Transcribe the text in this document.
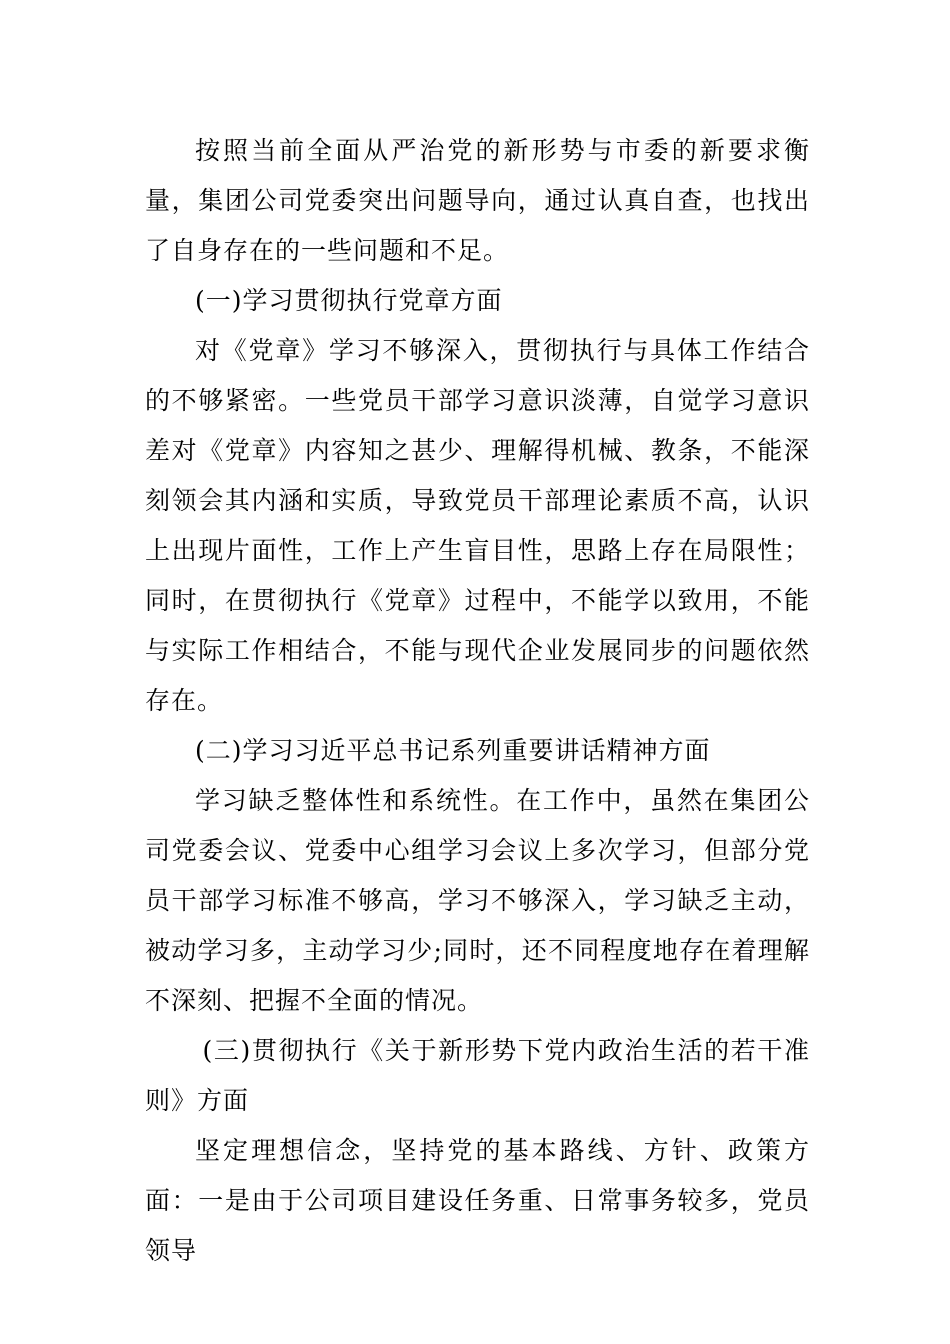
按照当前全面从严治党的新形势与市委的新要求衡量，集团公司党委突出问题导向，通过认真自查，也找出了自身存在的一些问题和不足。

(一)学习贯彻执行党章方面

对《党章》学习不够深入，贯彻执行与具体工作结合的不够紧密。一些党员干部学习意识淡薄，自觉学习意识差对《党章》内容知之甚少、理解得机械、教条，不能深刻领会其内涵和实质，导致党员干部理论素质不高，认识上出现片面性，工作上产生盲目性，思路上存在局限性；同时，在贯彻执行《党章》过程中，不能学以致用，不能与实际工作相结合，不能与现代企业发展同步的问题依然存在。

(二)学习习近平总书记系列重要讲话精神方面

学习缺乏整体性和系统性。在工作中，虽然在集团公司党委会议、党委中心组学习会议上多次学习，但部分党员干部学习标准不够高，学习不够深入，学习缺乏主动，被动学习多，主动学习少;同时，还不同程度地存在着理解不深刻、把握不全面的情况。

(三)贯彻执行《关于新形势下党内政治生活的若干准则》方面

坚定理想信念，坚持党的基本路线、方针、政策方面：一是由于公司项目建设任务重、日常事务较多，党员领导
